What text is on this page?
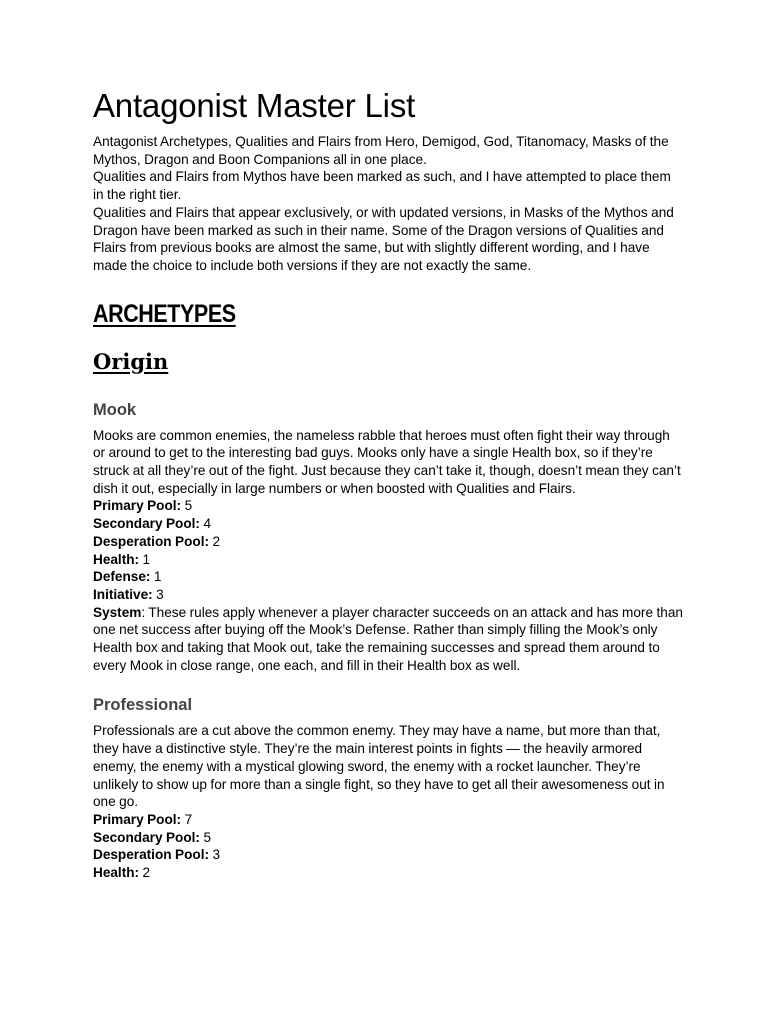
Antagonist Master List

Antagonist Archetypes, Qualities and Flairs from Hero, Demigod, God, Titanomacy, Masks of the Mythos, Dragon and Boon Companions all in one place.

Qualities and Flairs from Mythos have been marked as such, and I have attempted to place them in the right tier.

Qualities and Flairs that appear exclusively, or with updated versions, in Masks of the Mythos and Dragon have been marked as such in their name. Some of the Dragon versions of Qualities and Flairs from previous books are almost the same, but with slightly different wording, and I have made the choice to include both versions if they are not exactly the same.

ARCHETYPES
Origin
Mook

Mooks are common enemies, the nameless rabble that heroes must often fight their way through or around to get to the interesting bad guys. Mooks only have a single Health box, so if they’re struck at all they’re out of the fight. Just because they can’t take it, though, doesn’t mean they can’t dish it out, especially in large numbers or when boosted with Qualities and Flairs.

Primary Pool: 5

Secondary Pool: 4

Desperation Pool: 2

Health: 1

Defense: 1

Initiative: 3

System: These rules apply whenever a player character succeeds on an attack and has more than one net success after buying off the Mook’s Defense. Rather than simply filling the Mook’s only Health box and taking that Mook out, take the remaining successes and spread them around to every Mook in close range, one each, and fill in their Health box as well.

Professional

Professionals are a cut above the common enemy. They may have a name, but more than that, they have a distinctive style. They’re the main interest points in fights — the heavily armored enemy, the enemy with a mystical glowing sword, the enemy with a rocket launcher. They’re unlikely to show up for more than a single fight, so they have to get all their awesomeness out in one go.

Primary Pool: 7

Secondary Pool: 5

Desperation Pool: 3

Health: 2
